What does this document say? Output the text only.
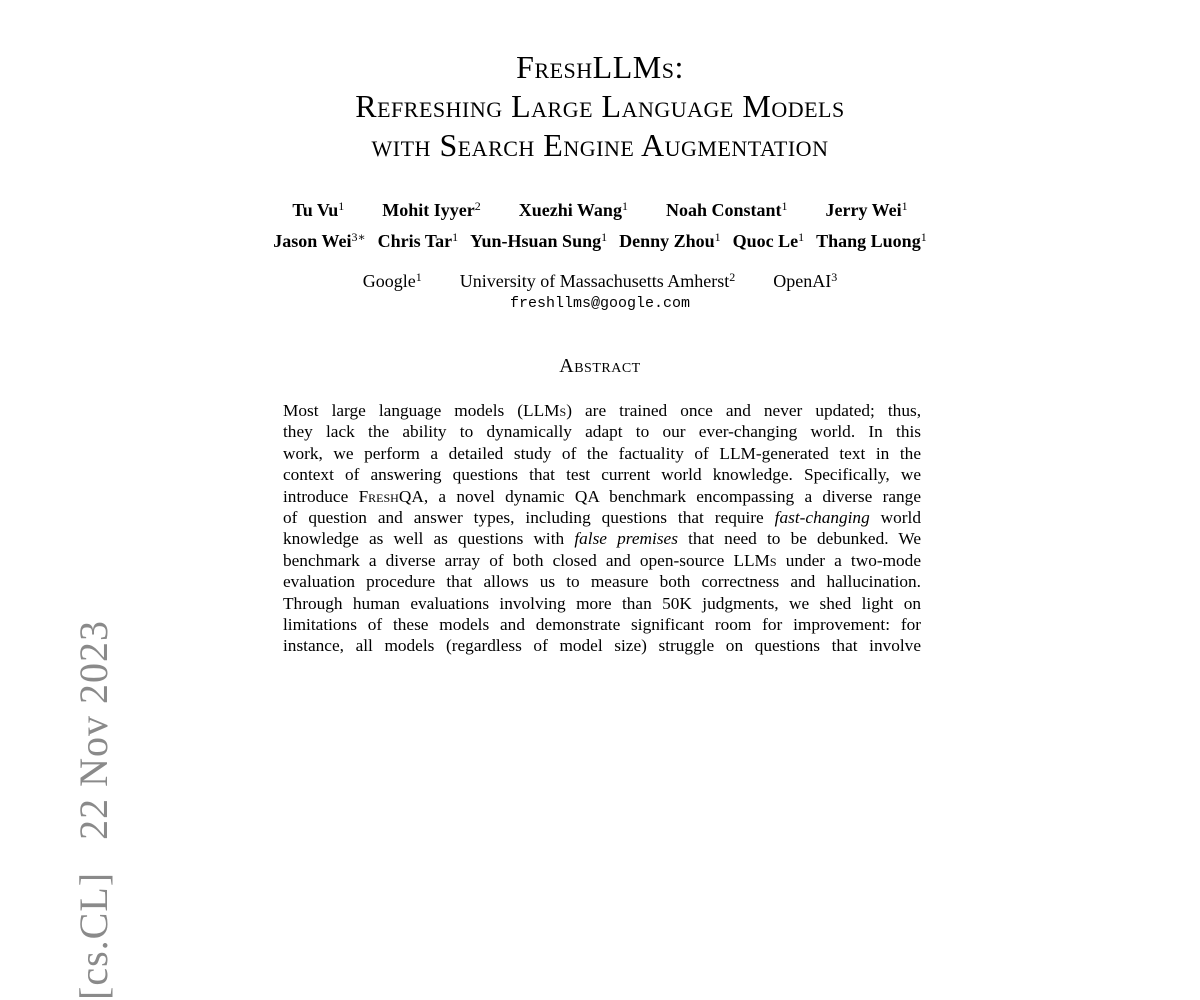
[cs.CL]22 Nov 2023
FreshLLMs:
Refreshing Large Language Models
with Search Engine Augmentation
Tu Vu$^1$ Mohit Iyyer$^2$ Xuezhi Wang$^1$ Noah Constant$^1$ Jerry Wei$^1$
Jason Wei$^{3∗}$ Chris Tar$^1$ Yun-Hsuan Sung$^1$ Denny Zhou$^1$ Quoc Le$^1$ Thang Luong$^1$
Google$^1$ University of Massachusetts Amherst$^2$ OpenAI$^3$
freshllms@google.com
Abstract
Most large language models (LLMs) are trained once and never updated; thus,
they lack the ability to dynamically adapt to our ever-changing world. In this
work, we perform a detailed study of the factuality of LLM-generated text in the
context of answering questions that test current world knowledge. Specifically, we
introduce FreshQA, a novel dynamic QA benchmark encompassing a diverse range
of question and answer types, including questions that require fast-changing world
knowledge as well as questions with false premises that need to be debunked. We
benchmark a diverse array of both closed and open-source LLMs under a two-mode
evaluation procedure that allows us to measure both correctness and hallucination.
Through human evaluations involving more than 50K judgments, we shed light on
limitations of these models and demonstrate significant room for improvement: for
instance, all models (regardless of model size) struggle on questions that involve
